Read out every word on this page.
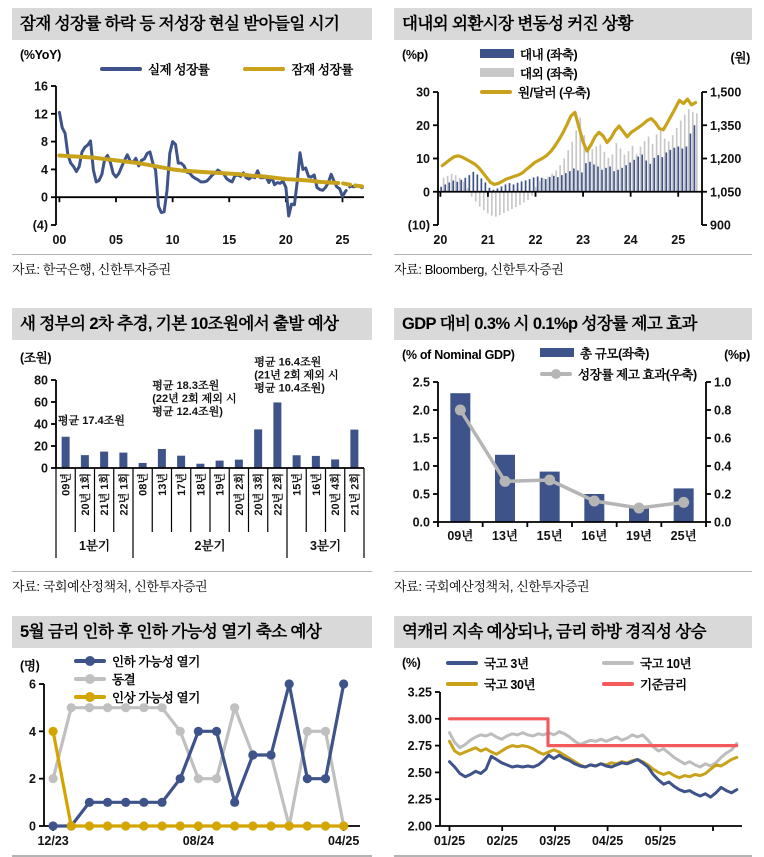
잠재 성장률 하락 등 저성장 현실 받아들일 시기
(%YoY)
실제 성장률	잠재 성장률
16
12
8
4
0
(4)
00	05	10	15	20	25
자료: 한국은행, 신한투자증권
대내외 외환시장 변동성 커진 상황
(%p)	(원)
대내 (좌축)
대외 (좌축)
원/달러 (우축)
30
20
10
0
(10)
1,500
1,350
1,200
1,050
900
20	21	22	23	24	25
자료: Bloomberg, 신한투자증권
새 정부의 2차 추경, 기본 10조원에서 출발 예상
(조원)
80
60
40
20
0
09년 20년 1회 21년 1회 22년 1회 08년 13년 17년 18년 19년 20년 2회 20년 3회 22년 2회 15년 16년 20년 4회 21년 2회
1분기	2분기	3분기
평균 17.4조원
평균 18.3조원
(22년 2회 제외 시
평균 12.4조원)
평균 16.4조원
(21년 2회 제외 시
평균 10.4조원)
자료: 국회예산정책처, 신한투자증권
GDP 대비 0.3% 시 0.1%p 성장률 제고 효과
(% of Nominal GDP)	(%p)
총 규모(좌축)
성장률 제고 효과(우축)
2.5
2.0
1.5
1.0
0.5
0.0
1.0
0.8
0.6
0.4
0.2
0.0
09년 13년 15년 16년 19년 25년
자료: 국회예산정책처, 신한투자증권
5월 금리 인하 후 인하 가능성 열기 축소 예상
(명)	인하 가능성 열기
동결
인상 가능성 열기
6
4
2
0
12/23	08/24	04/25
역캐리 지속 예상되나, 금리 하방 경직성 상승
(%)	국고 3년	국고 10년
국고 30년	기준금리
3.25
3.00
2.75
2.50
2.25
2.00
01/25 02/25 03/25 04/25 05/25
